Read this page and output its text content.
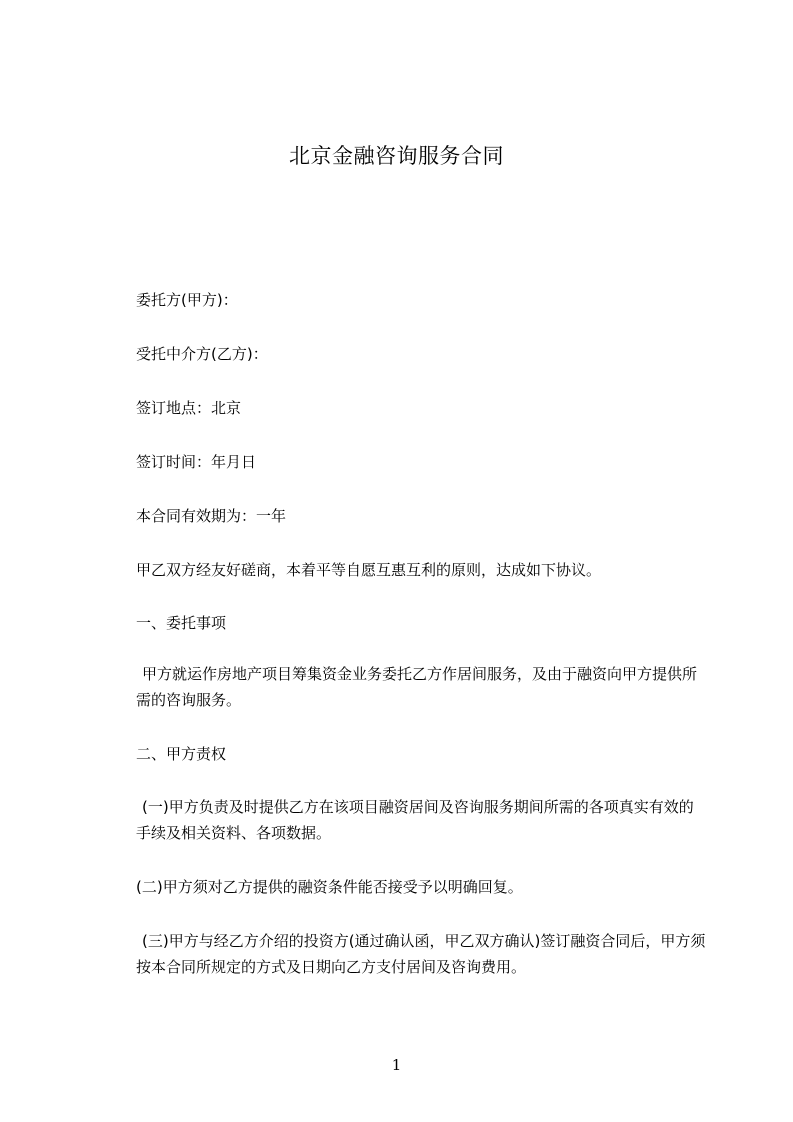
北京金融咨询服务合同

委托方(甲方)：

受托中介方(乙方)：

签订地点：北京

签订时间：年月日

本合同有效期为：一年

甲乙双方经友好磋商，本着平等自愿互惠互利的原则，达成如下协议。

一、委托事项

甲方就运作房地产项目筹集资金业务委托乙方作居间服务，及由于融资向甲方提供所需的咨询服务。

二、甲方责权

(一)甲方负责及时提供乙方在该项目融资居间及咨询服务期间所需的各项真实有效的手续及相关资料、各项数据。

(二)甲方须对乙方提供的融资条件能否接受予以明确回复。

(三)甲方与经乙方介绍的投资方(通过确认函，甲乙双方确认)签订融资合同后，甲方须按本合同所规定的方式及日期向乙方支付居间及咨询费用。

1
